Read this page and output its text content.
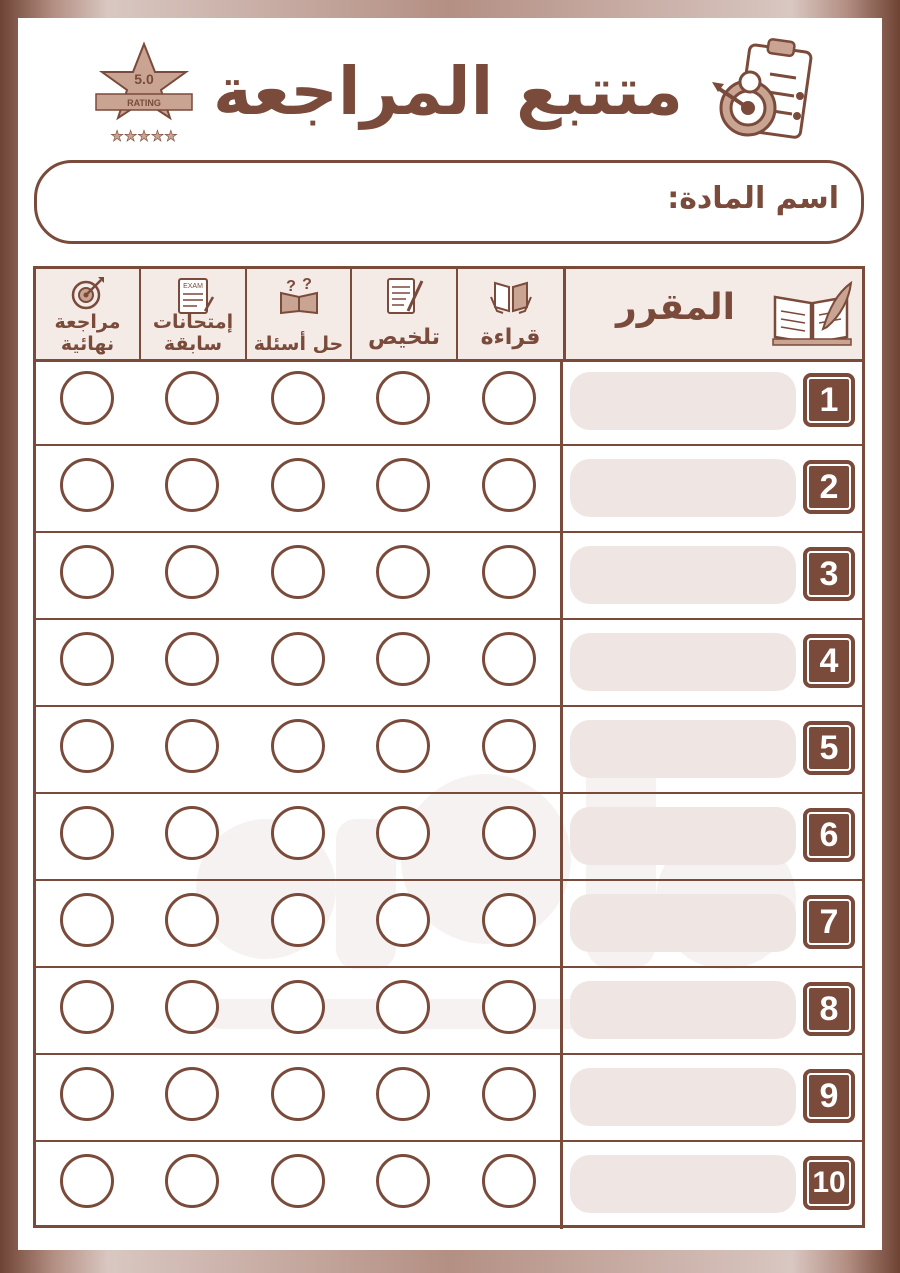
5.0
RATING
★★★★★
متتبع المراجعة
اسم المادة:
مراجعة نهائية
EXAM
إمتحانات سابقة
? ?
حل أسئلة	تلخيص	قراءة
المقرر
1
2
3
4
5
6
7
8
9
10
